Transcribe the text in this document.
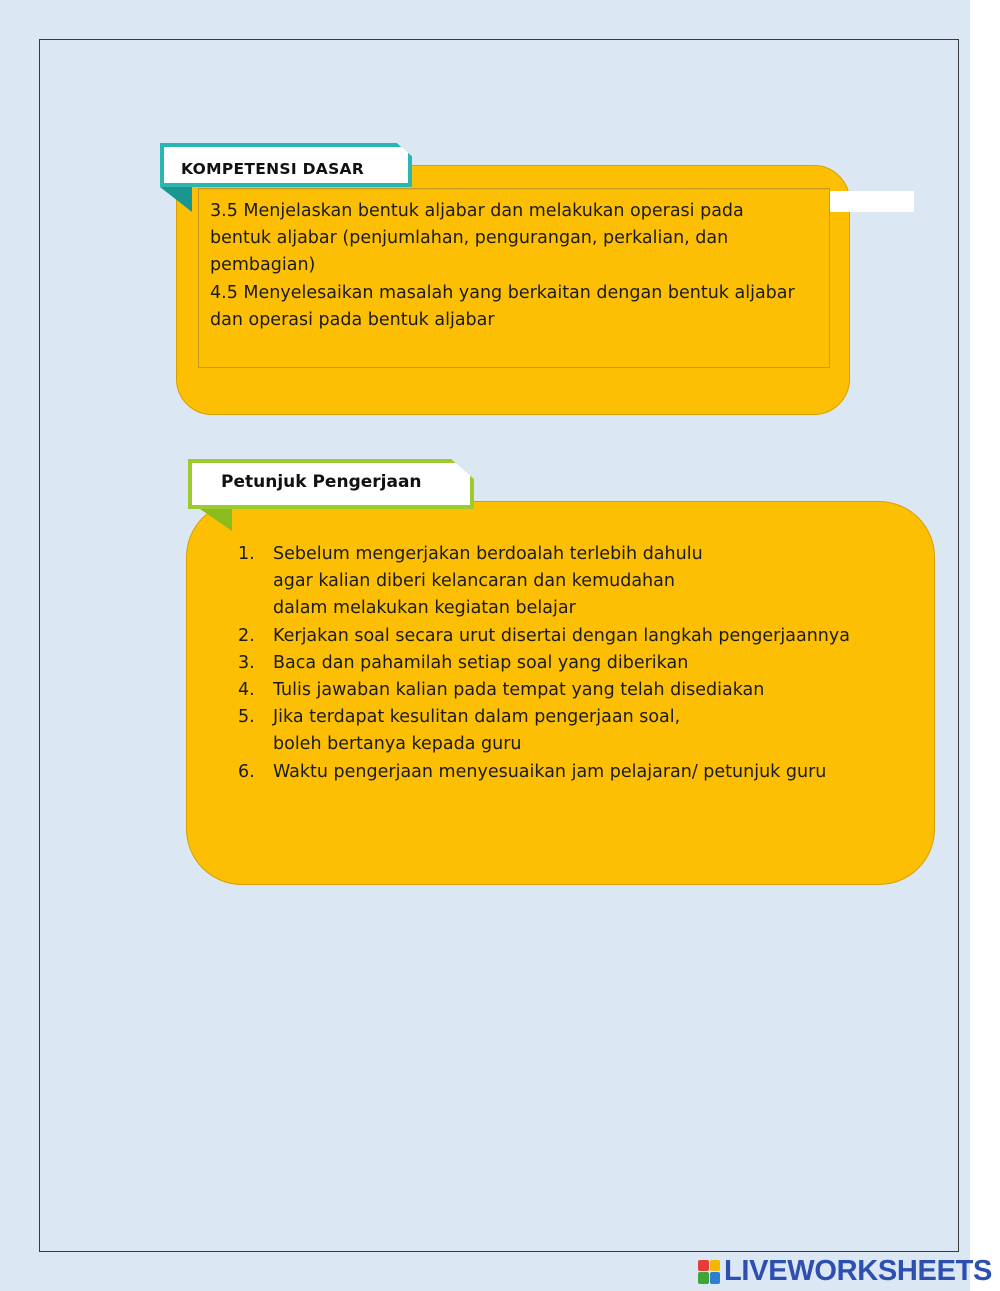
3.5 Menjelaskan bentuk aljabar dan melakukan operasi pada
bentuk aljabar (penjumlahan, pengurangan, perkalian, dan
pembagian)
4.5 Menyelesaikan masalah yang berkaitan dengan bentuk aljabar
dan operasi pada bentuk aljabar
KOMPETENSI DASAR
Petunjuk Pengerjaan
1.	Sebelum mengerjakan berdoalah terlebih dahulu
agar kalian diberi kelancaran dan kemudahan
dalam melakukan kegiatan belajar
2.	Kerjakan soal secara urut disertai dengan langkah pengerjaannya
3.	Baca dan pahamilah setiap soal yang diberikan
4.	Tulis jawaban kalian pada tempat yang telah disediakan
5.	Jika terdapat kesulitan dalam pengerjaan soal,
boleh bertanya kepada guru
6.	Waktu pengerjaan menyesuaikan jam pelajaran/ petunjuk guru
LIVEWORKSHEETS
